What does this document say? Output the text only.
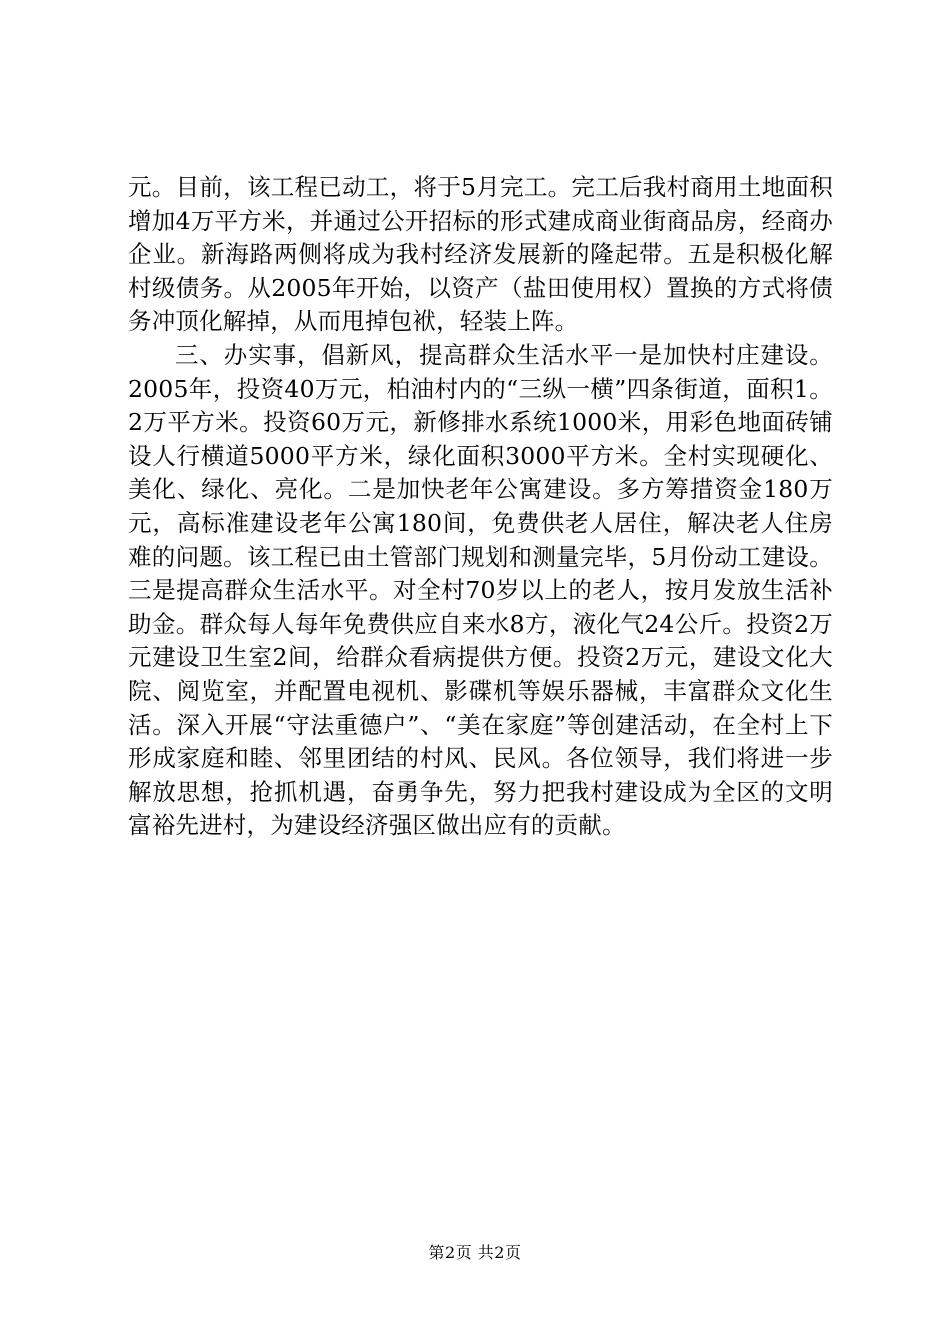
元。目前，该工程已动工，将于5月完工。完工后我村商用土地面积增加4万平方米，并通过公开招标的形式建成商业街商品房，经商办企业。新海路两侧将成为我村经济发展新的隆起带。五是积极化解村级债务。从2005年开始，以资产（盐田使用权）置换的方式将债务冲顶化解掉，从而甩掉包袱，轻装上阵。

三、办实事，倡新风，提高群众生活水平一是加快村庄建设。2005年，投资40万元，柏油村内的“三纵一横”四条街道，面积1。2万平方米。投资60万元，新修排水系统1000米，用彩色地面砖铺设人行横道5000平方米，绿化面积3000平方米。全村实现硬化、美化、绿化、亮化。二是加快老年公寓建设。多方筹措资金180万元，高标准建设老年公寓180间，免费供老人居住，解决老人住房难的问题。该工程已由土管部门规划和测量完毕，5月份动工建设。三是提高群众生活水平。对全村70岁以上的老人，按月发放生活补助金。群众每人每年免费供应自来水8方，液化气24公斤。投资2万元建设卫生室2间，给群众看病提供方便。投资2万元，建设文化大院、阅览室，并配置电视机、影碟机等娱乐器械，丰富群众文化生活。深入开展“守法重德户”、“美在家庭”等创建活动，在全村上下形成家庭和睦、邻里团结的村风、民风。各位领导，我们将进一步解放思想，抢抓机遇，奋勇争先，努力把我村建设成为全区的文明富裕先进村，为建设经济强区做出应有的贡献。

第2页 共2页
